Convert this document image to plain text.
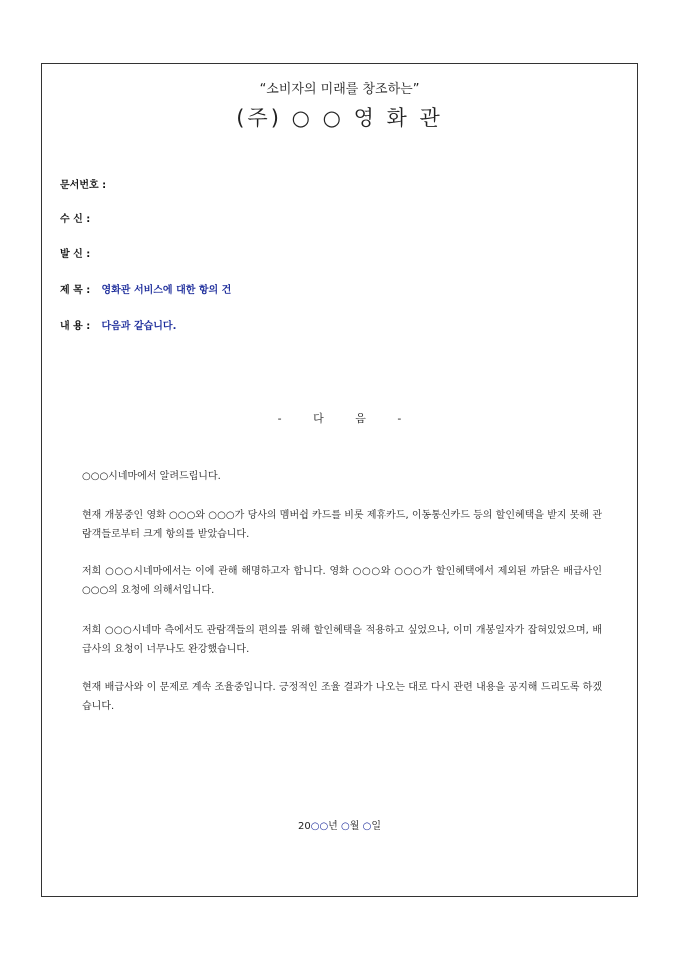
“소비자의 미래를 창조하는”
(주) ○ ○ 영 화 관
문서번호 :
수 신 :
발 신 :
제 목 : 영화관 서비스에 대한 항의 건
내 용 : 다음과 같습니다.
- 다 음 -
○○○시네마에서 알려드립니다.
현재 개봉중인 영화 ○○○와 ○○○가 당사의 멤버쉽 카드를 비롯 제휴카드, 이동통신카드 등의 할인혜택을 받지 못해 관람객들로부터 크게 항의를 받았습니다.
저희 ○○○시네마에서는 이에 관해 해명하고자 합니다. 영화 ○○○와 ○○○가 할인혜택에서 제외된 까닭은 배급사인 ○○○의 요청에 의해서입니다.
저희 ○○○시네마 측에서도 관람객들의 편의를 위해 할인혜택을 적용하고 싶었으나, 이미 개봉일자가 잡혀있었으며, 배급사의 요청이 너무나도 완강했습니다.
현재 배급사와 이 문제로 계속 조율중입니다. 긍정적인 조율 결과가 나오는 대로 다시 관련 내용을 공지해 드리도록 하겠습니다.
20○○년 ○월 ○일
